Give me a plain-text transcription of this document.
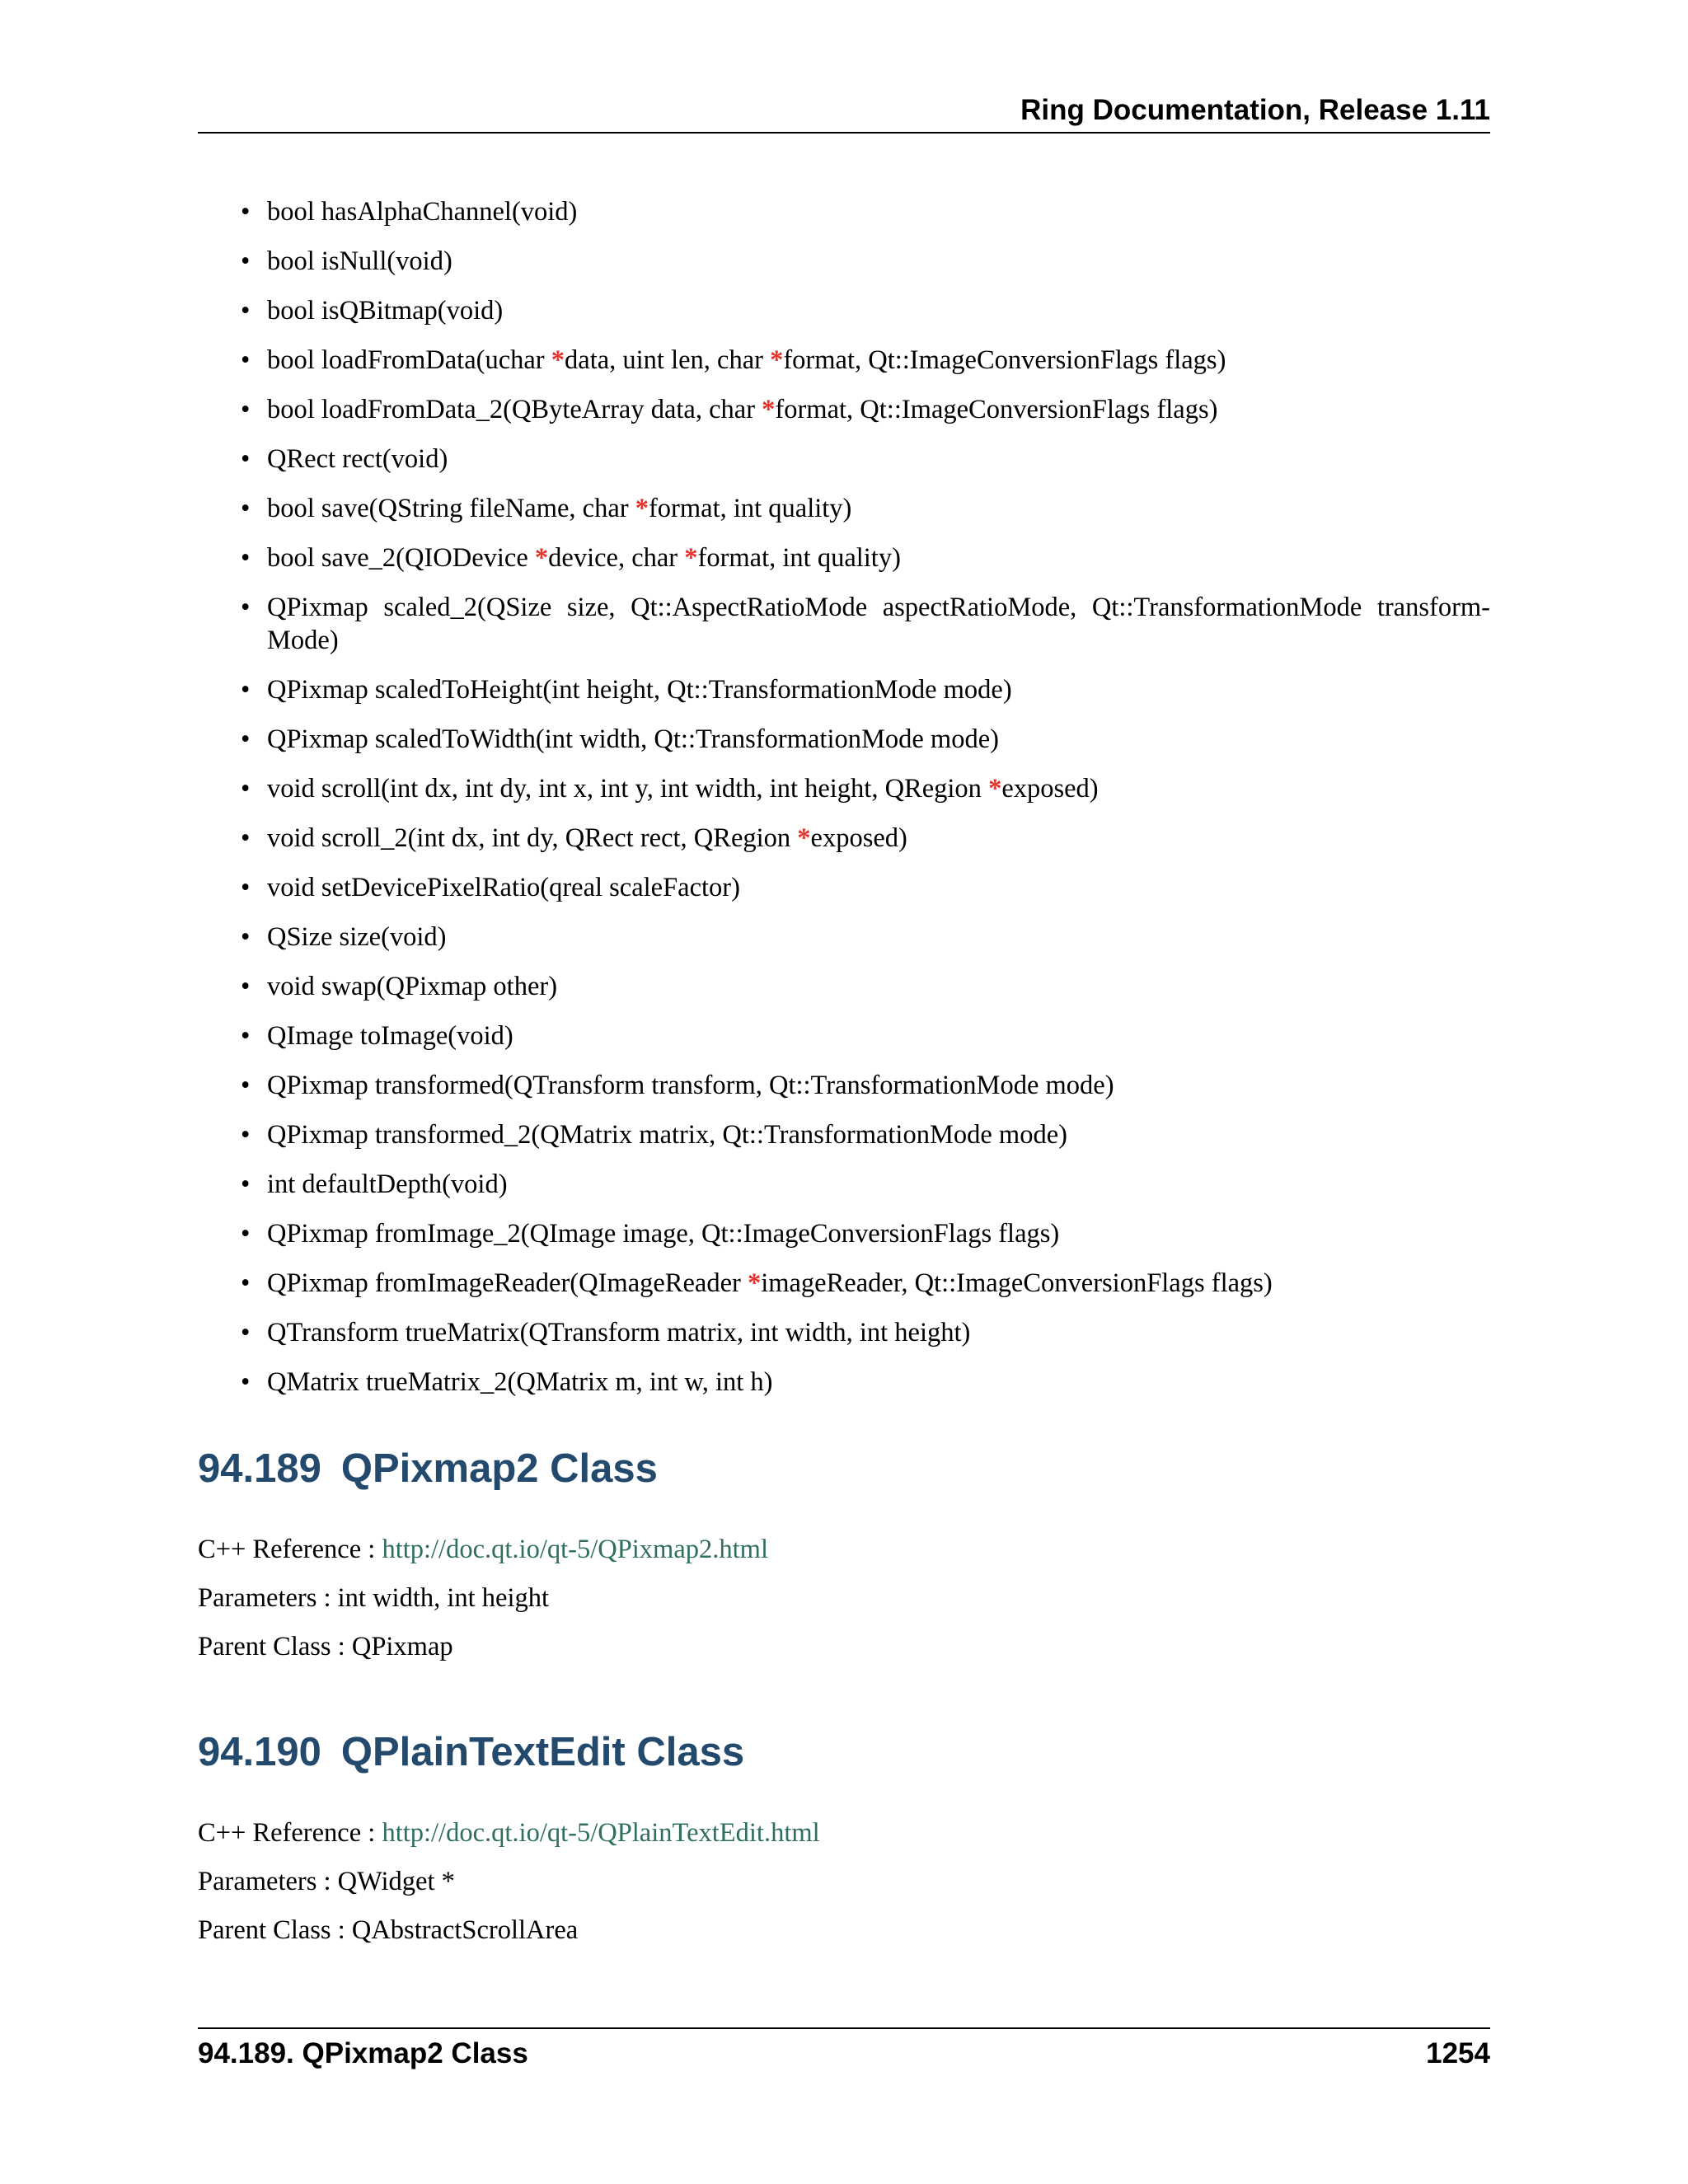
Ring Documentation, Release 1.11
• bool hasAlphaChannel(void)
• bool isNull(void)
• bool isQBitmap(void)
• bool loadFromData(uchar *data, uint len, char *format, Qt::ImageConversionFlags flags)
• bool loadFromData_2(QByteArray data, char *format, Qt::ImageConversionFlags flags)
• QRect rect(void)
• bool save(QString fileName, char *format, int quality)
• bool save_2(QIODevice *device, char *format, int quality)
• QPixmap scaled_2(QSize size, Qt::AspectRatioMode aspectRatioMode, Qt::TransformationMode transform-Mode)
• QPixmap scaledToHeight(int height, Qt::TransformationMode mode)
• QPixmap scaledToWidth(int width, Qt::TransformationMode mode)
• void scroll(int dx, int dy, int x, int y, int width, int height, QRegion *exposed)
• void scroll_2(int dx, int dy, QRect rect, QRegion *exposed)
• void setDevicePixelRatio(qreal scaleFactor)
• QSize size(void)
• void swap(QPixmap other)
• QImage toImage(void)
• QPixmap transformed(QTransform transform, Qt::TransformationMode mode)
• QPixmap transformed_2(QMatrix matrix, Qt::TransformationMode mode)
• int defaultDepth(void)
• QPixmap fromImage_2(QImage image, Qt::ImageConversionFlags flags)
• QPixmap fromImageReader(QImageReader *imageReader, Qt::ImageConversionFlags flags)
• QTransform trueMatrix(QTransform matrix, int width, int height)
• QMatrix trueMatrix_2(QMatrix m, int w, int h)
94.189 QPixmap2 Class
C++ Reference : http://doc.qt.io/qt-5/QPixmap2.html
Parameters : int width, int height
Parent Class : QPixmap
94.190 QPlainTextEdit Class
C++ Reference : http://doc.qt.io/qt-5/QPlainTextEdit.html
Parameters : QWidget *
Parent Class : QAbstractScrollArea
94.189. QPixmap2 Class	1254
